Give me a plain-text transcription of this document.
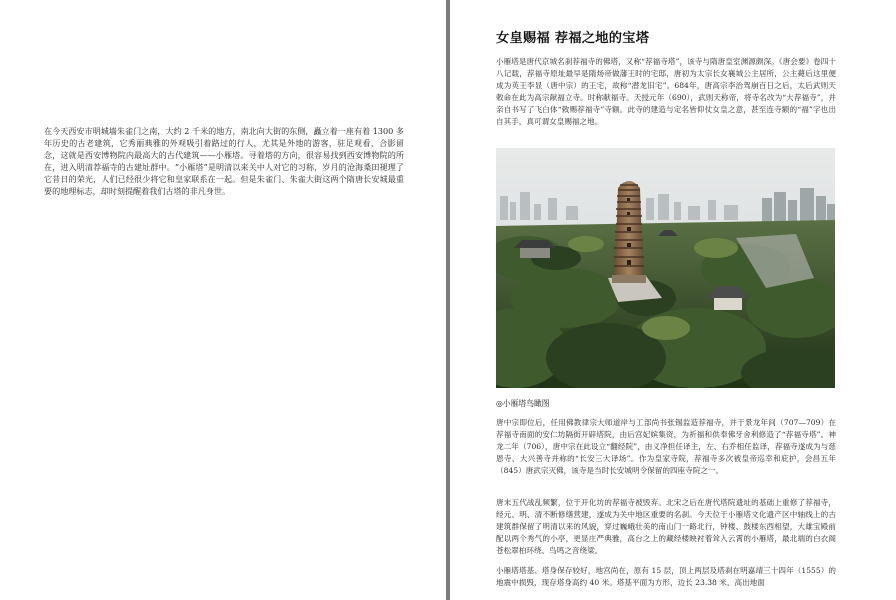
在今天西安市明城墙朱雀门之南，大约 2 千米的地方，南北向大街的东侧，矗立着一座有着 1300 多年历史的古老建筑，它秀丽典雅的外观吸引着路过的行人，尤其是外地的游客，驻足观看，合影留念，这就是西安博物院内最高大的古代建筑——小雁塔。寻着塔的方向，很容易找到西安博物院的所在，进入明清荐福寺的古建址群中。“小雁塔”是明清以来关中人对它的习称，岁月的沧海桑田褪理了它昔日的荣光，人们已经很少将它和皇家联系在一起。但是朱雀门、朱雀大街这两个隋唐长安城最重要的地理标志，却时刻提醒着我们古塔的非凡身世。

女皇赐福 荐福之地的宝塔

小雁塔是唐代京城名刹荐福寺的佛塔，又称“荐福寺塔”，该寺与隋唐皇室渊源颇深。《唐会要》卷四十八记载，荐福寺原址最早是隋炀帝做藩王时的宅邸，唐初为太宗长女襄城公主居所，公主薨后这里便成为英王李显（唐中宗）的王宅，故称“潜龙旧宅”。684年，唐高宗李治驾崩百日之后，太后武则天敕命在此为高宗献福立寺。时称献福寺。天授元年（690），武则天称帝，将寺名改为“大荐福寺”，并亲自书写了飞白体“敕赐荐福寺”寺额。此寺的建造与定名皆仰仗女皇之意，甚至连寺额的“福”字也出自其手，真可谓女皇赐福之地。

◎小雁塔鸟瞰图

唐中宗即位后，任用佛教律宗大师道岸与工部尚书张锡监造荐福寺，并于景龙年间（707—709）在荐福寺南面的安仁坊隔街开辟塔院，由后宫妃嫔集资，为祈福和供奉佛牙舍利修造了“荐福寺塔”。神龙二年（706），唐中宗在此设立“翻经院”，由义净担任译主，左、右乔相任监译，荐福寺遂成为与慈恩寺、大兴善寺并称的“长安三大译场”。作为皇家寺院，荐福寺多次被皇帝巡幸和庇护，会昌五年（845）唐武宗灭佛，该寺是当时长安城明令保留的四座寺院之一。

唐末五代战乱频繁，位于开化坊的荐福寺被毁弃。北宋之后在唐代塔院遗址的基础上重修了荐福寺，经元、明、清不断修缮营建，遂成为关中地区重要的名刹。今天位于小雁塔文化遗产区中轴线上的古建筑群保留了明清以来的风貌，穿过巍峨壮美的南山门一路北行，钟楼、鼓楼东西相望，大雄宝殿前配以两个秀气的小亭，更显庄严典雅，高台之上的藏经楼映衬着耸入云霄的小雁塔，最北端的白衣阁苍松翠柏环绕、鸟鸣之音绕梁。

小雁塔塔基、塔身保存较好，地宫尚在，原有 15 层，顶上两层及塔刹在明嘉靖三十四年（1555）的地震中损毁，现存塔身高约 40 米。塔基平面为方形，边长 23.38 米，高出地面
